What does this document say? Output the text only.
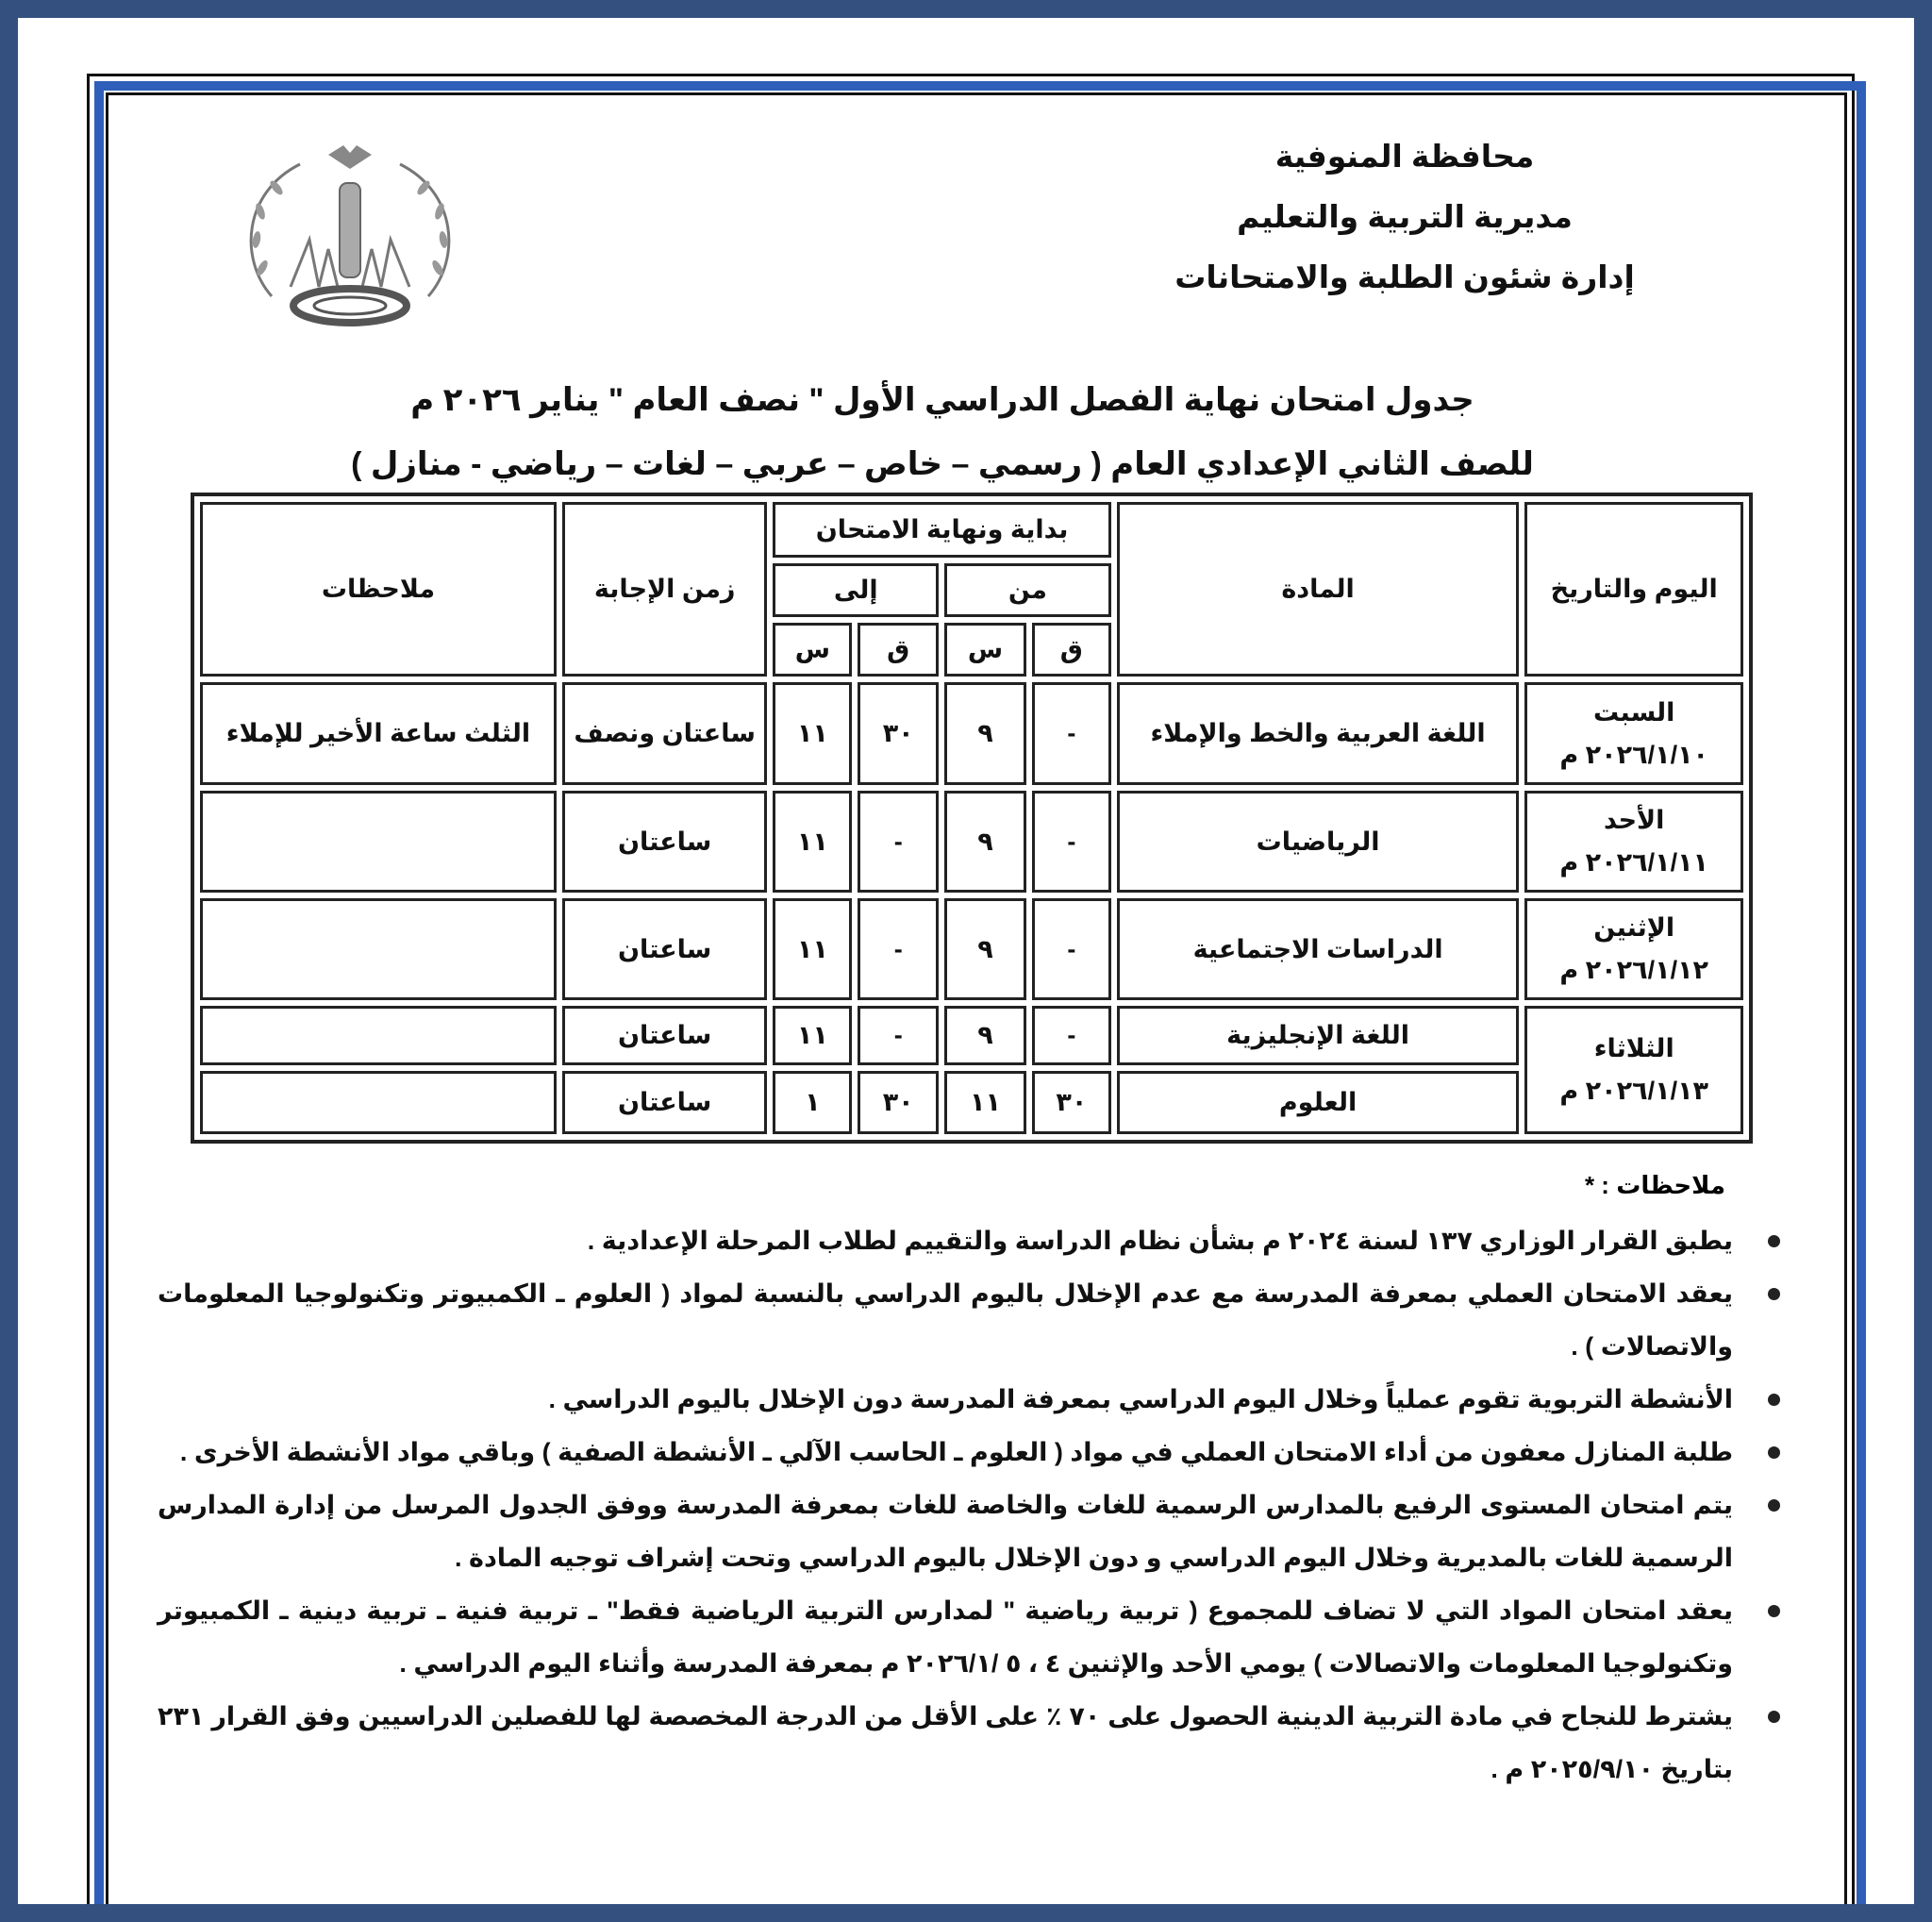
محافظة المنوفية
مديرية التربية والتعليم
إدارة شئون الطلبة والامتحانات
جدول امتحان نهاية الفصل الدراسي الأول " نصف العام " يناير ٢٠٢٦ م
للصف الثاني الإعدادي العام ( رسمي – خاص – عربي – لغات – رياضي - منازل )
اليوم والتاريخ	المادة	بداية ونهاية الامتحان				زمن الإجابة	ملاحظات
		من		إلى			
		ق	س	ق	س		

السبت
٢٠٢٦/١/١٠ م	اللغة العربية والخط والإملاء	-	٩	٣٠	١١	ساعتان ونصف	الثلث ساعة الأخير للإملاء

الأحد
٢٠٢٦/١/١١ م	الرياضيات	-	٩	-	١١	ساعتان	

الإثنين
٢٠٢٦/١/١٢ م	الدراسات الاجتماعية	-	٩	-	١١	ساعتان	

الثلاثاء
٢٠٢٦/١/١٣ م	اللغة الإنجليزية	-	٩	-	١١	ساعتان	
	العلوم	٣٠	١١	٣٠	١	ساعتان	
ملاحظات : *
يطبق القرار الوزاري ١٣٧ لسنة ٢٠٢٤ م بشأن نظام الدراسة والتقييم لطلاب المرحلة الإعدادية .
يعقد الامتحان العملي بمعرفة المدرسة مع عدم الإخلال باليوم الدراسي بالنسبة لمواد ( العلوم ـ الكمبيوتر وتكنولوجيا المعلومات والاتصالات ) .
الأنشطة التربوية تقوم عملياً وخلال اليوم الدراسي بمعرفة المدرسة دون الإخلال باليوم الدراسي .
طلبة المنازل معفون من أداء الامتحان العملي في مواد ( العلوم ـ الحاسب الآلي ـ الأنشطة الصفية ) وباقي مواد الأنشطة الأخرى .
يتم امتحان المستوى الرفيع بالمدارس الرسمية للغات والخاصة للغات بمعرفة المدرسة ووفق الجدول المرسل من إدارة المدارس الرسمية للغات بالمديرية وخلال اليوم الدراسي و دون الإخلال باليوم الدراسي وتحت إشراف توجيه المادة .
يعقد امتحان المواد التي لا تضاف للمجموع ( تربية رياضية " لمدارس التربية الرياضية فقط" ـ تربية فنية ـ تربية دينية ـ الكمبيوتر وتكنولوجيا المعلومات والاتصالات ) يومي الأحد والإثنين ٤ ، ٥ /٢٠٢٦/١ م بمعرفة المدرسة وأثناء اليوم الدراسي .
يشترط للنجاح في مادة التربية الدينية الحصول على ٧٠ ٪ على الأقل من الدرجة المخصصة لها للفصلين الدراسيين وفق القرار ٢٣١ بتاريخ ٢٠٢٥/٩/١٠ م .
